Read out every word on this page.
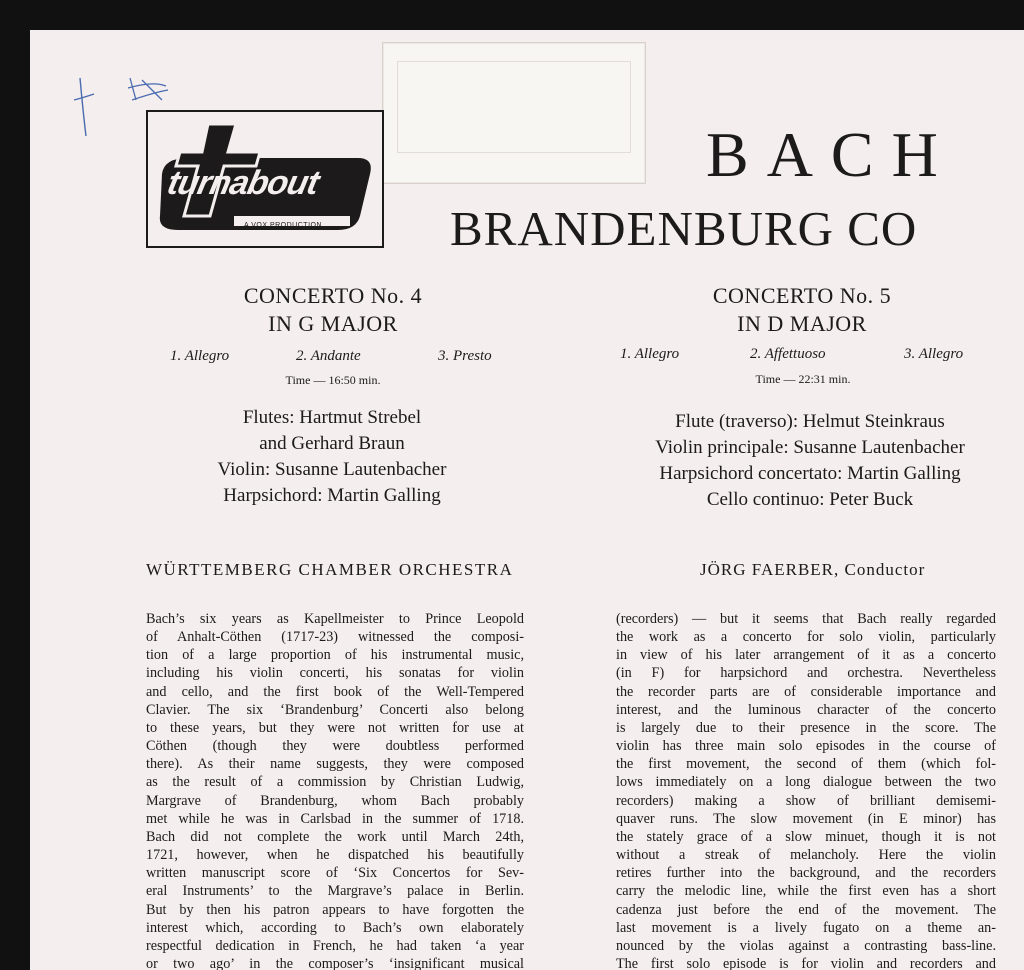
turnabout
A VOX PRODUCTION
BACH
BRANDENBURG CO
CONCERTO No. 4
IN G MAJOR
1. Allegro	2. Andante	3. Presto
Time — 16:50 min.
Flutes: Hartmut Strebel
and Gerhard Braun
Violin: Susanne Lautenbacher
Harpsichord: Martin Galling
CONCERTO No. 5
IN D MAJOR
1. Allegro	2. Affettuoso	3. Allegro
Time — 22:31 min.
Flute (traverso): Helmut Steinkraus
Violin principale: Susanne Lautenbacher
Harpsichord concertato: Martin Galling
Cello continuo: Peter Buck
WÜRTTEMBERG CHAMBER ORCHESTRA	JÖRG FAERBER, Conductor
Bach’s six years as Kapellmeister to Prince Leopold
of Anhalt-Cöthen (1717-23) witnessed the composi-
tion of a large proportion of his instrumental music,
including his violin concerti, his sonatas for violin
and cello, and the first book of the Well-Tempered
Clavier. The six ‘Brandenburg’ Concerti also belong
to these years, but they were not written for use at
Cöthen (though they were doubtless performed
there). As their name suggests, they were composed
as the result of a commission by Christian Ludwig,
Margrave of Brandenburg, whom Bach probably
met while he was in Carlsbad in the summer of 1718.
Bach did not complete the work until March 24th,
1721, however, when he dispatched his beautifully
written manuscript score of ‘Six Concertos for Sev-
eral Instruments’ to the Margrave’s palace in Berlin.
But by then his patron appears to have forgotten the
interest which, according to Bach’s own elaborately
respectful dedication in French, he had taken ‘a year
or two ago’ in the composer’s ‘insignificant musical
(recorders) — but it seems that Bach really regarded
the work as a concerto for solo violin, particularly
in view of his later arrangement of it as a concerto
(in F) for harpsichord and orchestra. Nevertheless
the recorder parts are of considerable importance and
interest, and the luminous character of the concerto
is largely due to their presence in the score. The
violin has three main solo episodes in the course of
the first movement, the second of them (which fol-
lows immediately on a long dialogue between the two
recorders) making a show of brilliant demisemi-
quaver runs. The slow movement (in E minor) has
the stately grace of a slow minuet, though it is not
without a streak of melancholy. Here the violin
retires further into the background, and the recorders
carry the melodic line, while the first even has a short
cadenza just before the end of the movement. The
last movement is a lively fugato on a theme an-
nounced by the violas against a contrasting bass-line.
The first solo episode is for violin and recorders and
